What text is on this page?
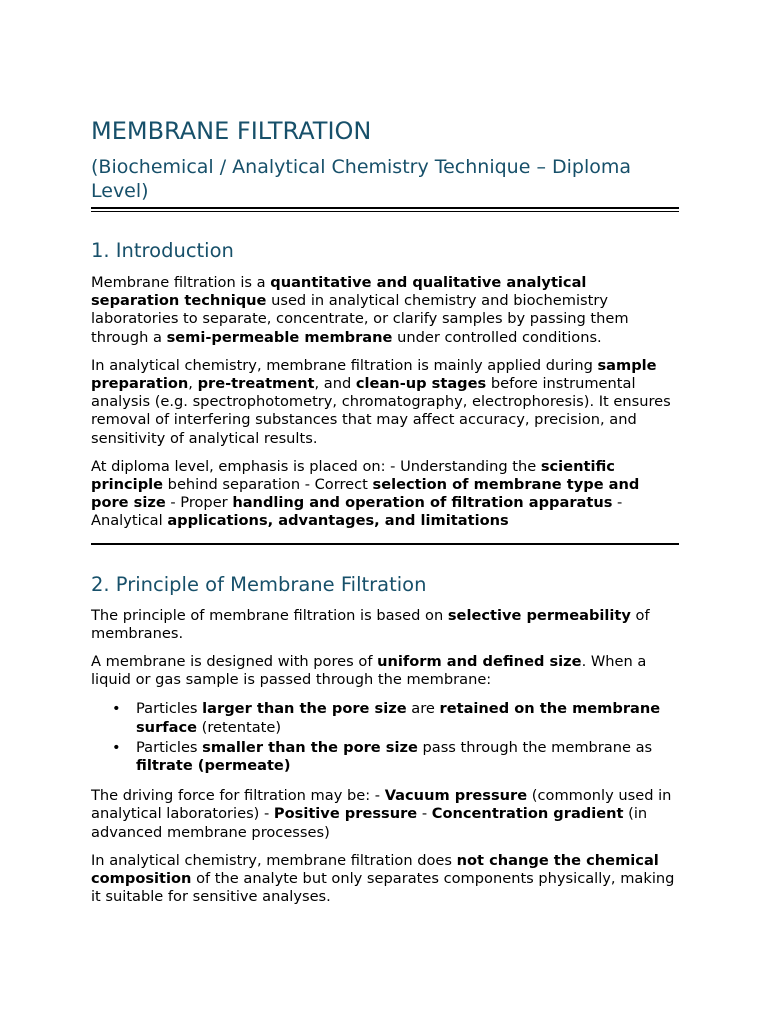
MEMBRANE FILTRATION
(Biochemical / Analytical Chemistry Technique – Diploma Level)
1. Introduction

Membrane filtration is a quantitative and qualitative analytical separation technique used in analytical chemistry and biochemistry laboratories to separate, concentrate, or clarify samples by passing them through a semi-permeable membrane under controlled conditions.

In analytical chemistry, membrane filtration is mainly applied during sample preparation, pre-treatment, and clean-up stages before instrumental analysis (e.g. spectrophotometry, chromatography, electrophoresis). It ensures removal of interfering substances that may affect accuracy, precision, and sensitivity of analytical results.

At diploma level, emphasis is placed on: - Understanding the scientific principle behind separation - Correct selection of membrane type and pore size - Proper handling and operation of filtration apparatus - Analytical applications, advantages, and limitations

2. Principle of Membrane Filtration

The principle of membrane filtration is based on selective permeability of membranes.

A membrane is designed with pores of uniform and defined size. When a liquid or gas sample is passed through the membrane:

• Particles larger than the pore size are retained on the membrane surface (retentate)
• Particles smaller than the pore size pass through the membrane as filtrate (permeate)

The driving force for filtration may be: - Vacuum pressure (commonly used in analytical laboratories) - Positive pressure - Concentration gradient (in advanced membrane processes)

In analytical chemistry, membrane filtration does not change the chemical composition of the analyte but only separates components physically, making it suitable for sensitive analyses.
